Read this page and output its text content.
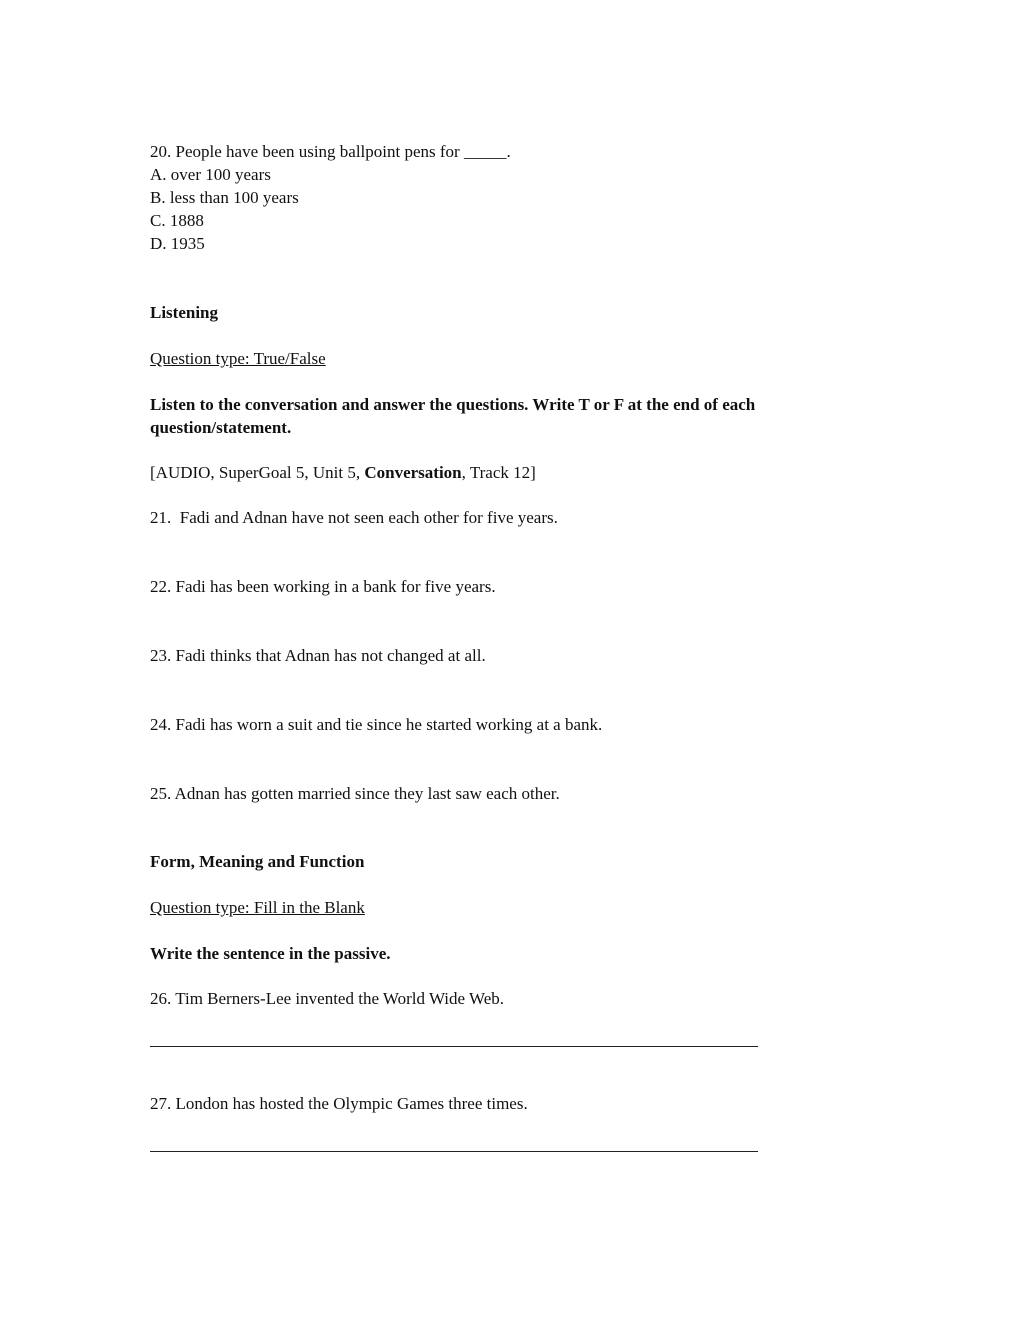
20. People have been using ballpoint pens for _____.

A. over 100 years

B. less than 100 years

C. 1888

D. 1935

Listening

Question type: True/False

Listen to the conversation and answer the questions. Write T or F at the end of each question/statement.

[AUDIO, SuperGoal 5, Unit 5, Conversation, Track 12]

21.  Fadi and Adnan have not seen each other for five years.

22. Fadi has been working in a bank for five years.

23. Fadi thinks that Adnan has not changed at all.

24. Fadi has worn a suit and tie since he started working at a bank.

25. Adnan has gotten married since they last saw each other.

Form, Meaning and Function

Question type: Fill in the Blank

Write the sentence in the passive.

26. Tim Berners-Lee invented the World Wide Web.

27. London has hosted the Olympic Games three times.
